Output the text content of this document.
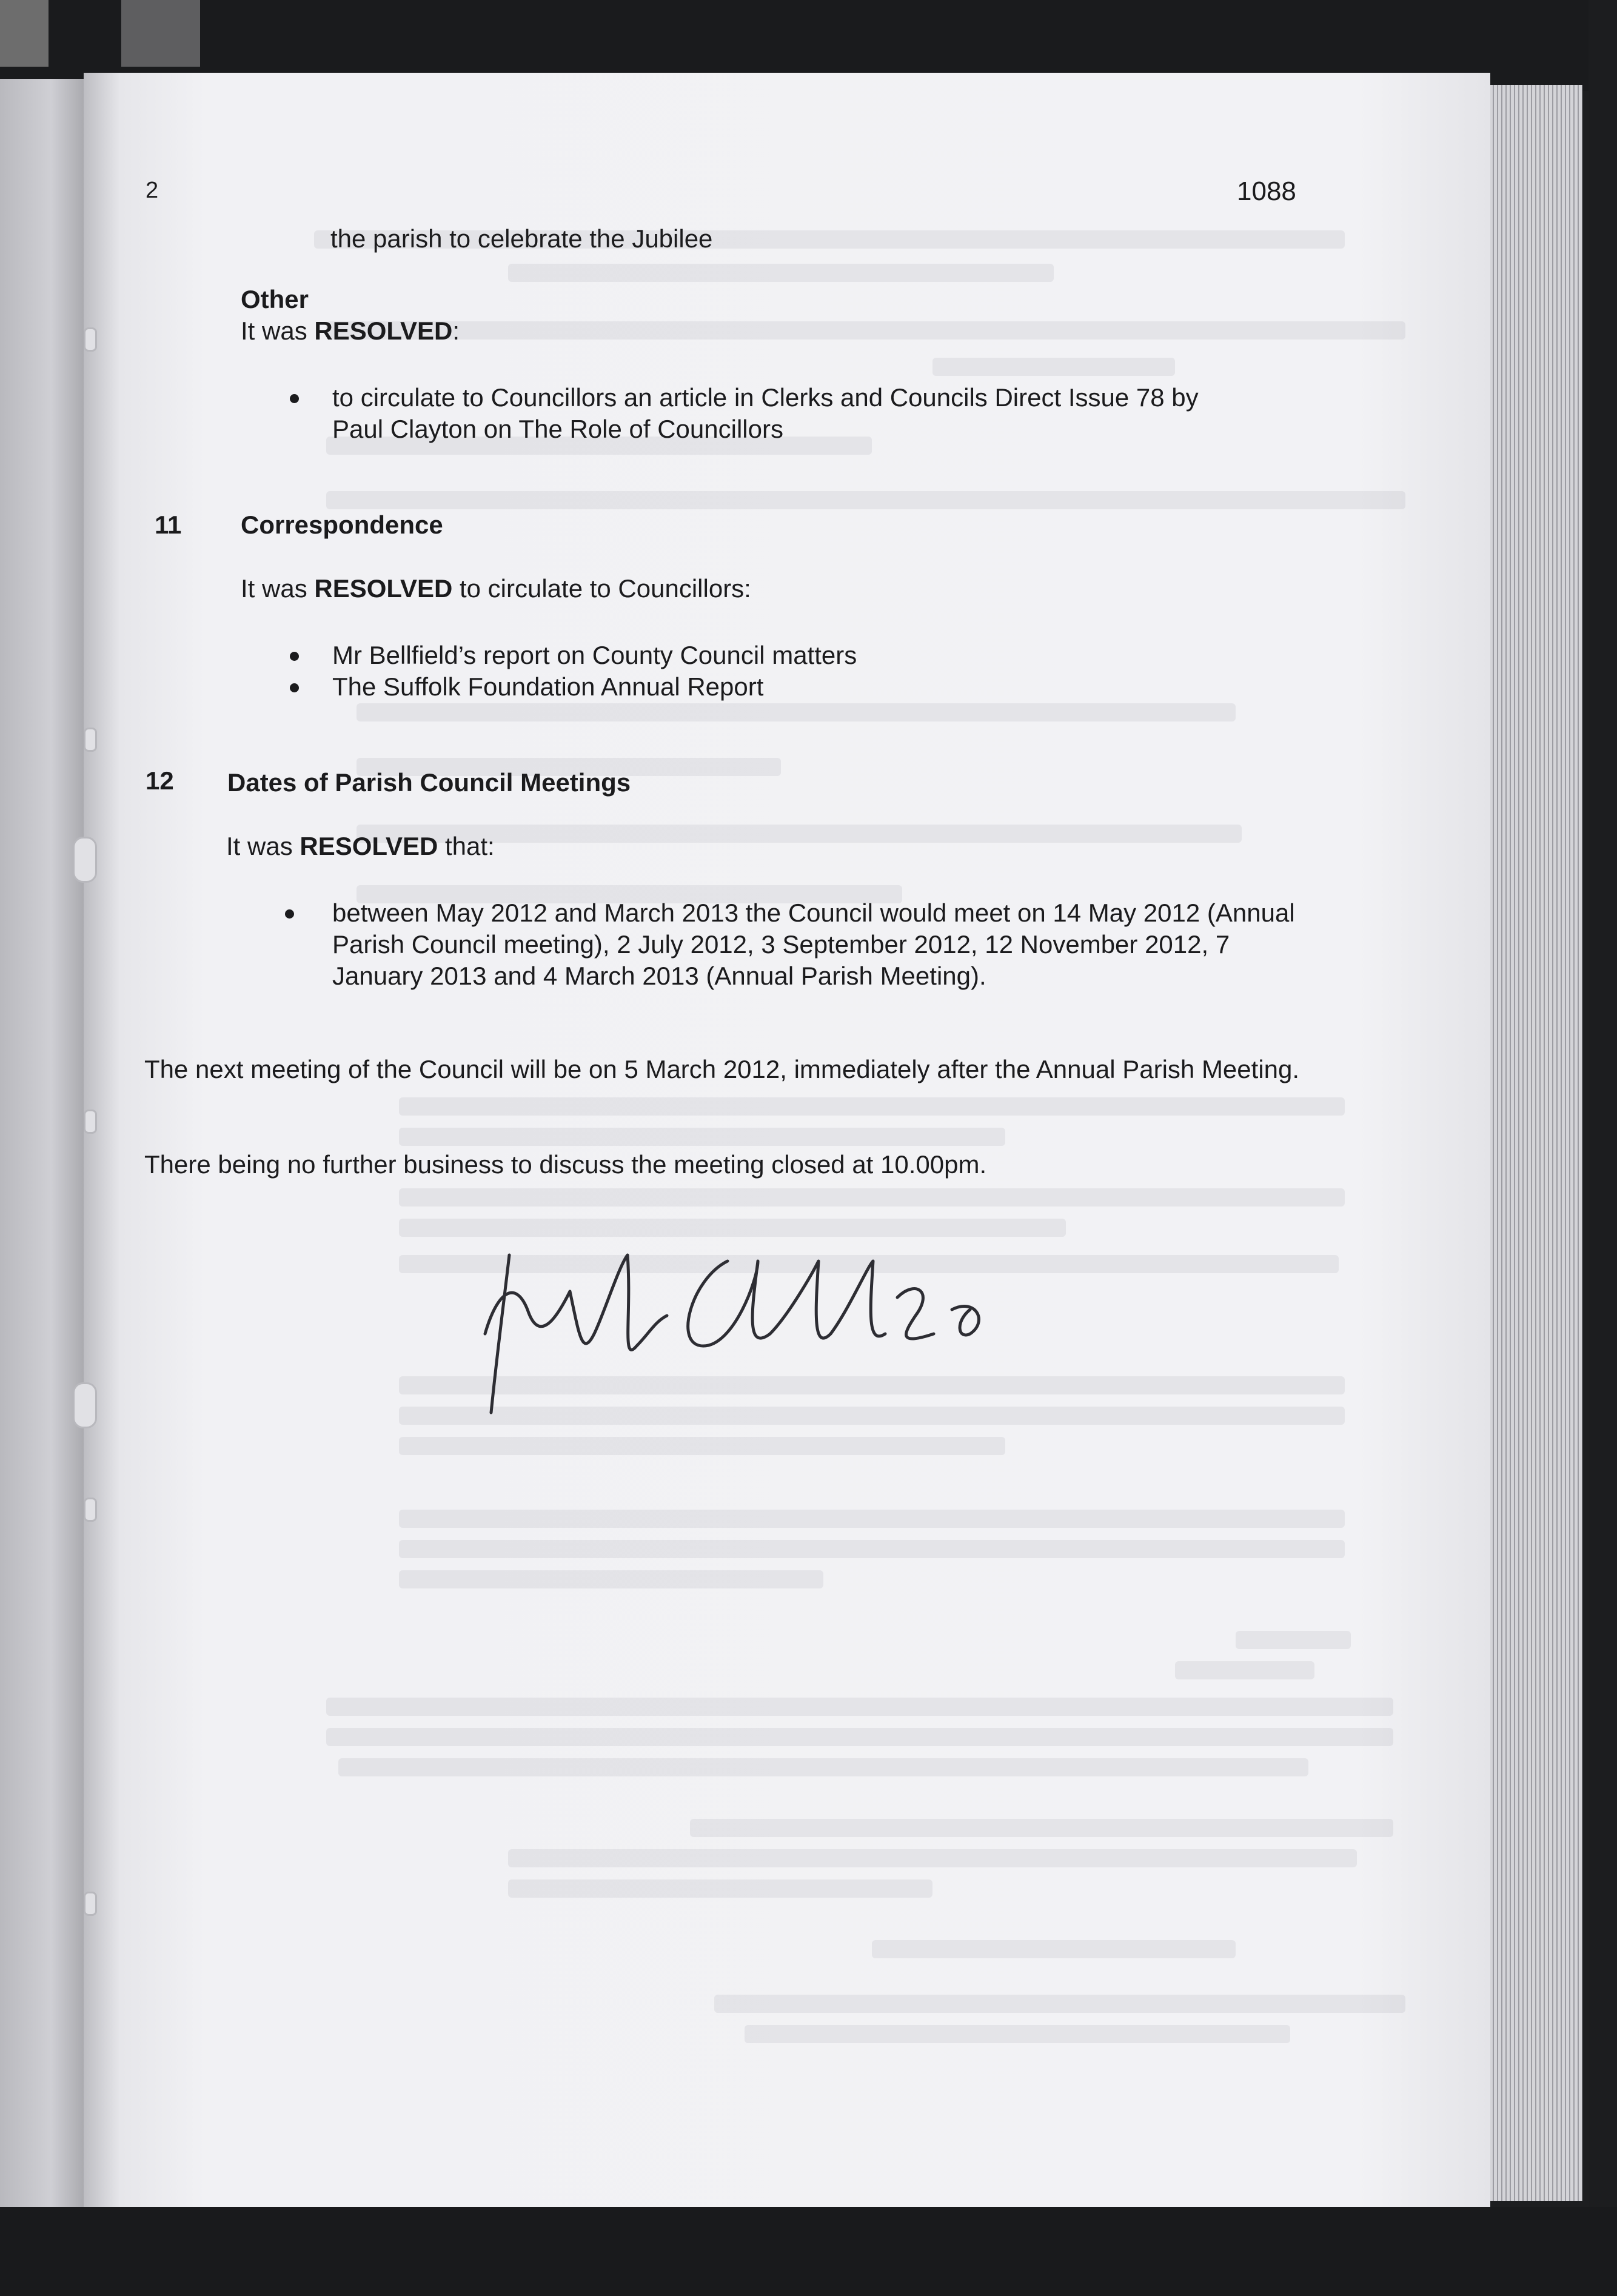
2	1088
the parish to celebrate the Jubilee
Other
It was RESOLVED:
to circulate to Councillors an article in Clerks and Councils Direct Issue 78 by Paul Clayton on The Role of Councillors
11 Correspondence
It was RESOLVED to circulate to Councillors:
Mr Bellfield’s report on County Council matters
The Suffolk Foundation Annual Report
12 Dates of Parish Council Meetings
It was RESOLVED that:
between May 2012 and March 2013 the Council would meet on 14 May 2012 (Annual Parish Council meeting), 2 July 2012, 3 September 2012, 12 November 2012, 7 January 2013 and 4 March 2013 (Annual Parish Meeting).
The next meeting of the Council will be on 5 March 2012, immediately after the Annual Parish Meeting.
There being no further business to discuss the meeting closed at 10.00pm.
